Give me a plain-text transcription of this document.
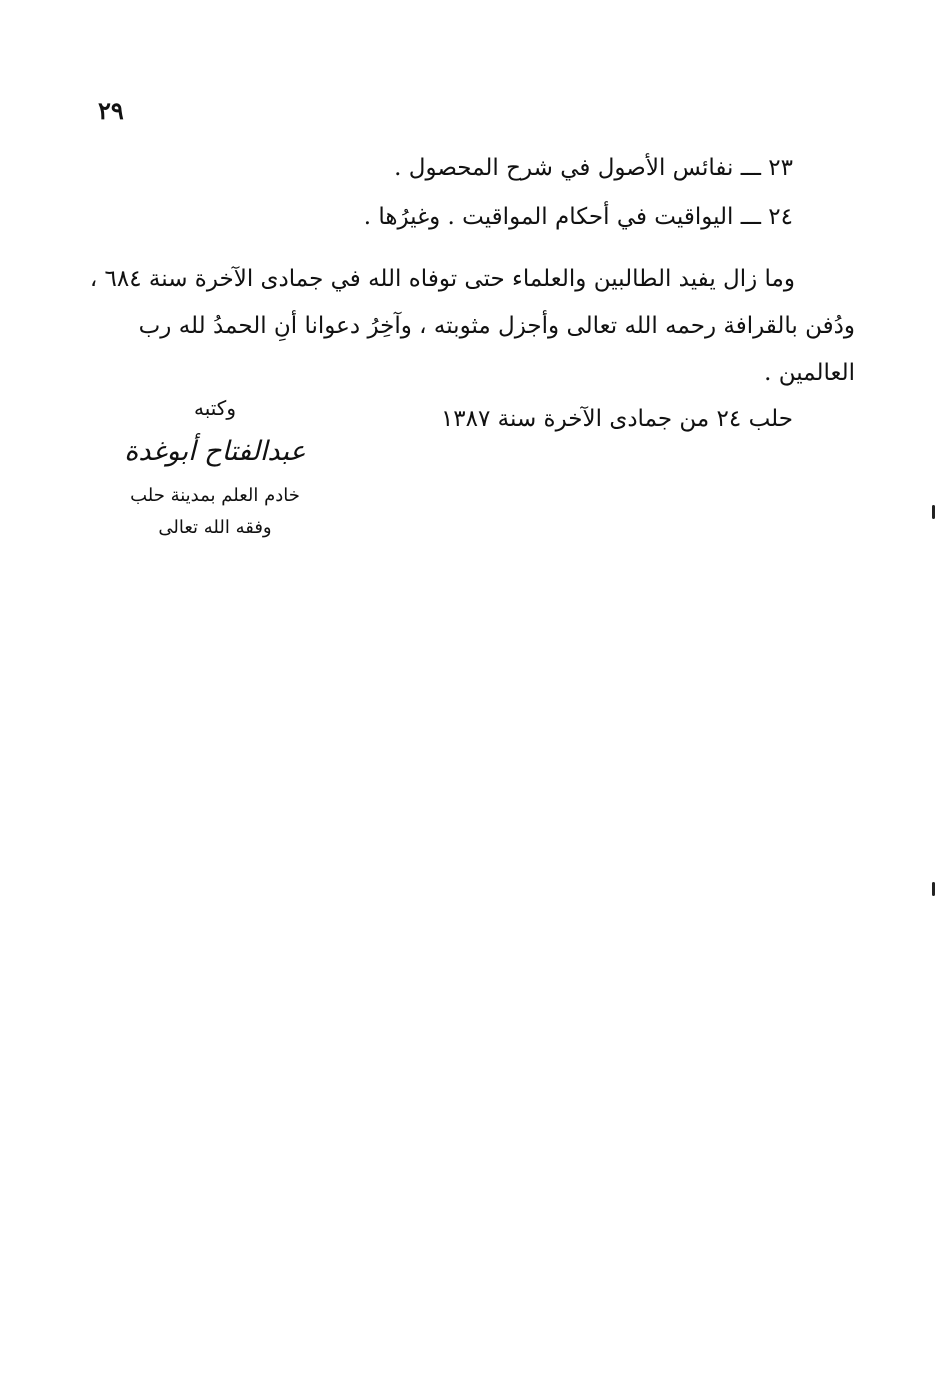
٢٩
٢٣ ـــ نفائس الأصول في شرح المحصول .
٢٤ ـــ اليواقيت في أحكام المواقيت . وغيرُها .
وما زال يفيد الطالبين والعلماء حتى توفاه الله في جمادى الآخرة سنة ٦٨٤ ،
ودُفن بالقرافة رحمه الله تعالى وأجزل مثوبته ، وآخِرُ دعوانا أنِ الحمدُ لله رب
العالمين .
حلب ٢٤ من جمادى الآخرة سنة ١٣٨٧
وكتبه
عبدالفتاح أبوغدة
خادم العلم بمدينة حلب
وفقه الله تعالى
